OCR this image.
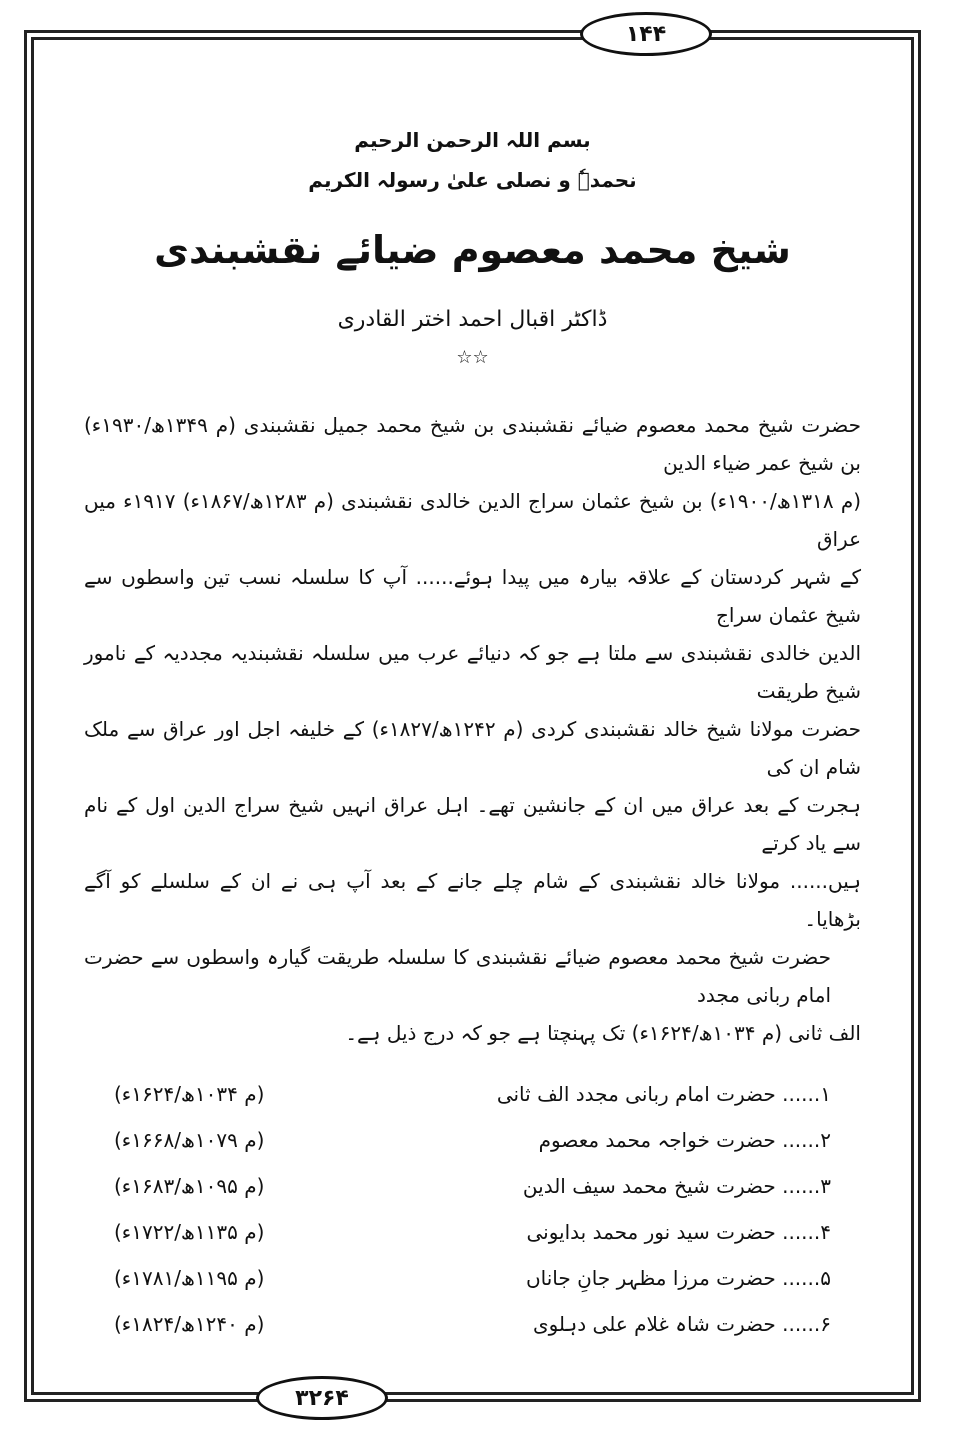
۱۴۴
بسم اللہ الرحمن الرحیم
نحمدہٗ و نصلی علیٰ رسولہ الکریم
شیخ محمد معصوم ضیائے نقشبندی
ڈاکٹر اقبال احمد اختر القادری
☆☆
حضرت شیخ محمد معصوم ضیائے نقشبندی بن شیخ محمد جمیل نقشبندی (م ۱۳۴۹ھ/۱۹۳۰ء) بن شیخ عمر ضیاء الدین
(م ۱۳۱۸ھ/۱۹۰۰ء) بن شیخ عثمان سراج الدین خالدی نقشبندی (م ۱۲۸۳ھ/۱۸۶۷ء) ۱۹۱۷ء میں عراق
کے شہر کردستان کے علاقہ بیارہ میں پیدا ہوئے...... آپ کا سلسلہ نسب تین واسطوں سے شیخ عثمان سراج
الدین خالدی نقشبندی سے ملتا ہے جو کہ دنیائے عرب میں سلسلہ نقشبندیہ مجددیہ کے نامور شیخ طریقت
حضرت مولانا شیخ خالد نقشبندی کردی (م ۱۲۴۲ھ/۱۸۲۷ء) کے خلیفہ اجل اور عراق سے ملک شام ان کی
ہجرت کے بعد عراق میں ان کے جانشین تھے۔ اہل عراق انہیں شیخ سراج الدین اول کے نام سے یاد کرتے
ہیں...... مولانا خالد نقشبندی کے شام چلے جانے کے بعد آپ ہی نے ان کے سلسلے کو آگے بڑھایا۔
حضرت شیخ محمد معصوم ضیائے نقشبندی کا سلسلہ طریقت گیارہ واسطوں سے حضرت امام ربانی مجدد
الف ثانی (م ۱۰۳۴ھ/۱۶۲۴ء) تک پہنچتا ہے جو کہ درج ذیل ہے۔
۱...... حضرت امام ربانی مجدد الف ثانی
(م ۱۰۳۴ھ/۱۶۲۴ء)
۲...... حضرت خواجہ محمد معصوم
(م ۱۰۷۹ھ/۱۶۶۸ء)
۳...... حضرت شیخ محمد سیف الدین
(م ۱۰۹۵ھ/۱۶۸۳ء)
۴...... حضرت سید نور محمد بدایونی
(م ۱۱۳۵ھ/۱۷۲۲ء)
۵...... حضرت مرزا مظہر جانِ جاناں
(م ۱۱۹۵ھ/۱۷۸۱ء)
۶...... حضرت شاہ غلام علی دہلوی
(م ۱۲۴۰ھ/۱۸۲۴ء)
۳۲۶۴
